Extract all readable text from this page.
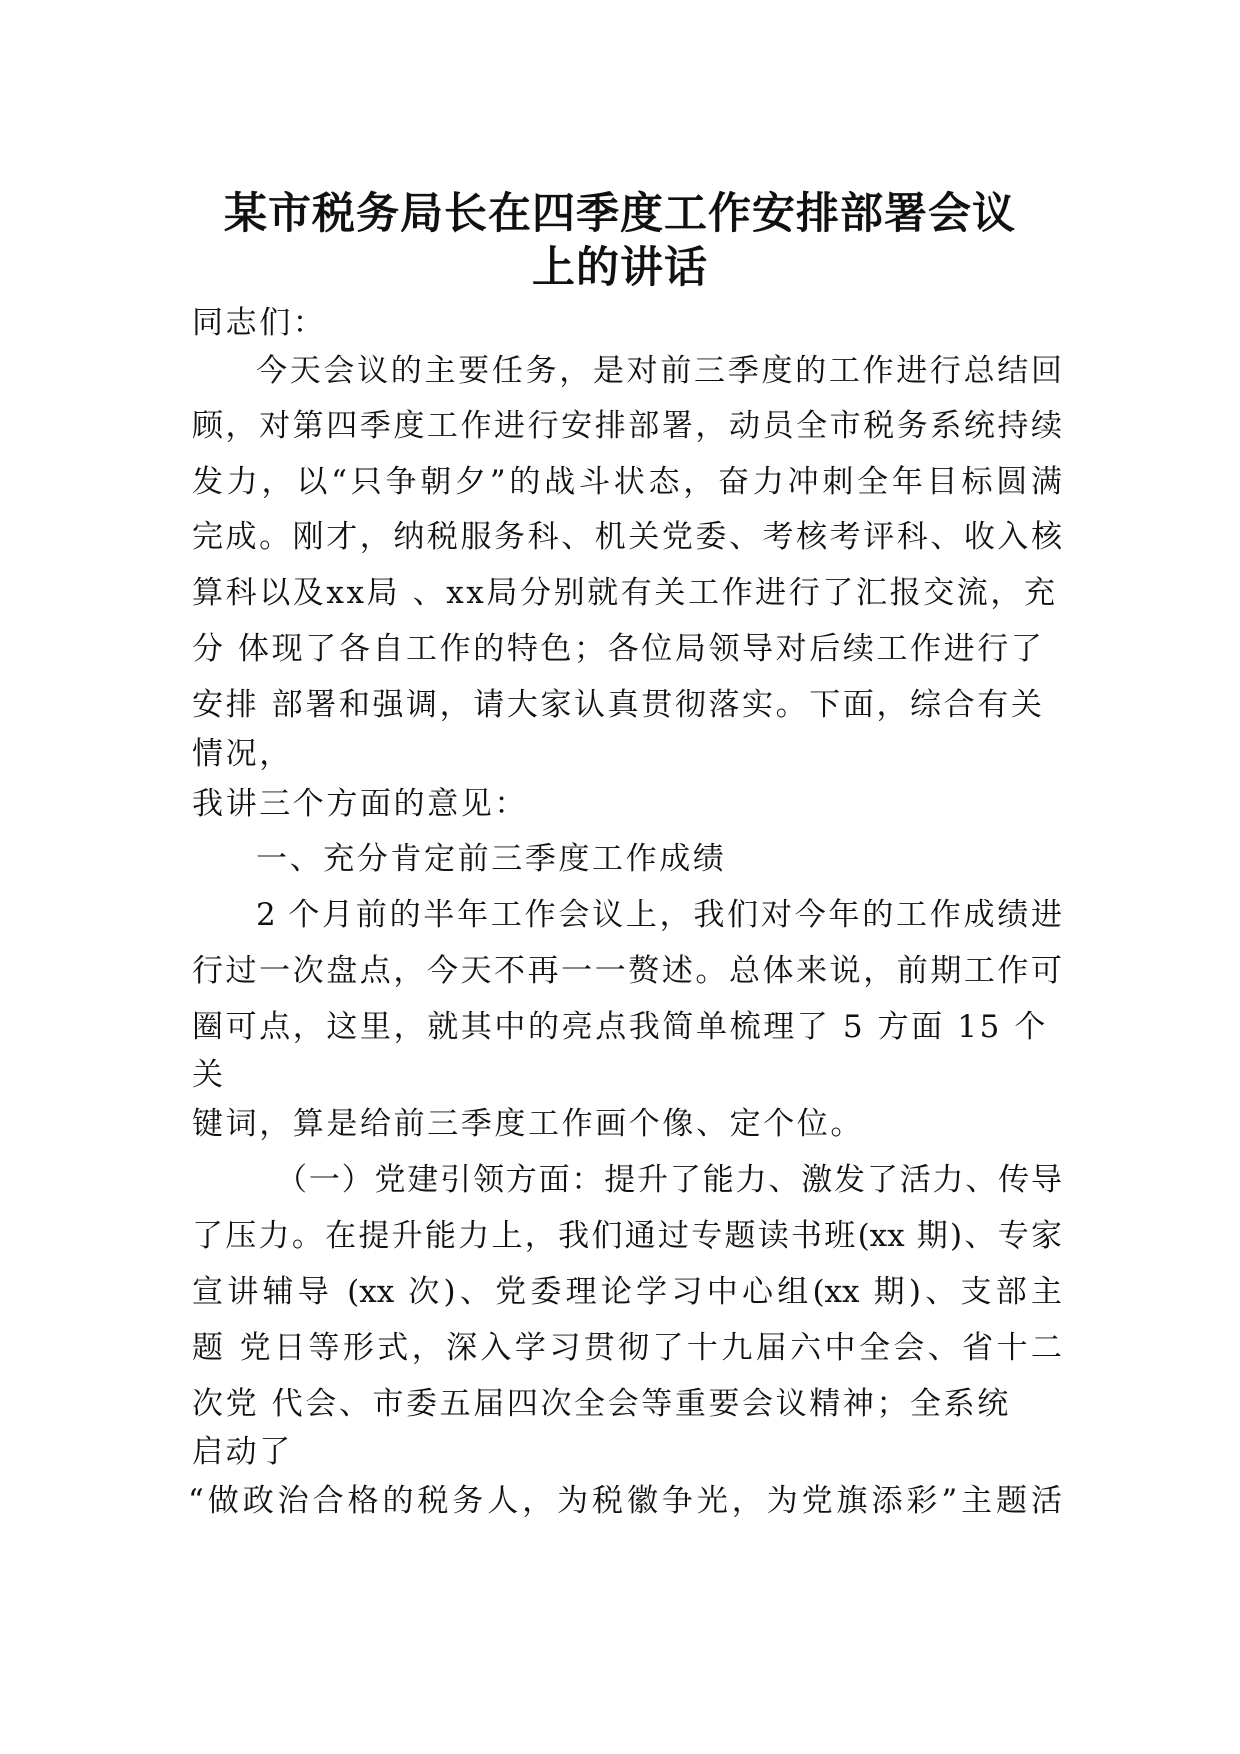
某市税务局长在四季度工作安排部署会议
上的讲话

同志们：

今天会议的主要任务，是对前三季度的工作进行总结回

顾，对第四季度工作进行安排部署，动员全市税务系统持续

发力，以“只争朝夕”的战斗状态，奋力冲刺全年目标圆满

完成。刚才，纳税服务科、机关党委、考核考评科、收入核

算科以及xx局 、xx局分别就有关工作进行了汇报交流，充

分 体现了各自工作的特色；各位局领导对后续工作进行了

安排 部署和强调，请大家认真贯彻落实。下面，综合有关

情况，

我讲三个方面的意见：

一、充分肯定前三季度工作成绩

2 个月前的半年工作会议上，我们对今年的工作成绩进

行过一次盘点，今天不再一一赘述。总体来说，前期工作可

圈可点，这里，就其中的亮点我简单梳理了 5 方面 15 个

关

键词，算是给前三季度工作画个像、定个位。

（一）党建引领方面：提升了能力、激发了活力、传导

了压力。在提升能力上，我们通过专题读书班(xx 期)、专家

宣讲辅导 (xx 次)、党委理论学习中心组(xx 期)、支部主

题 党日等形式，深入学习贯彻了十九届六中全会、省十二

次党 代会、市委五届四次全会等重要会议精神；全系统

启动了

“做政治合格的税务人，为税徽争光，为党旗添彩”主题活
